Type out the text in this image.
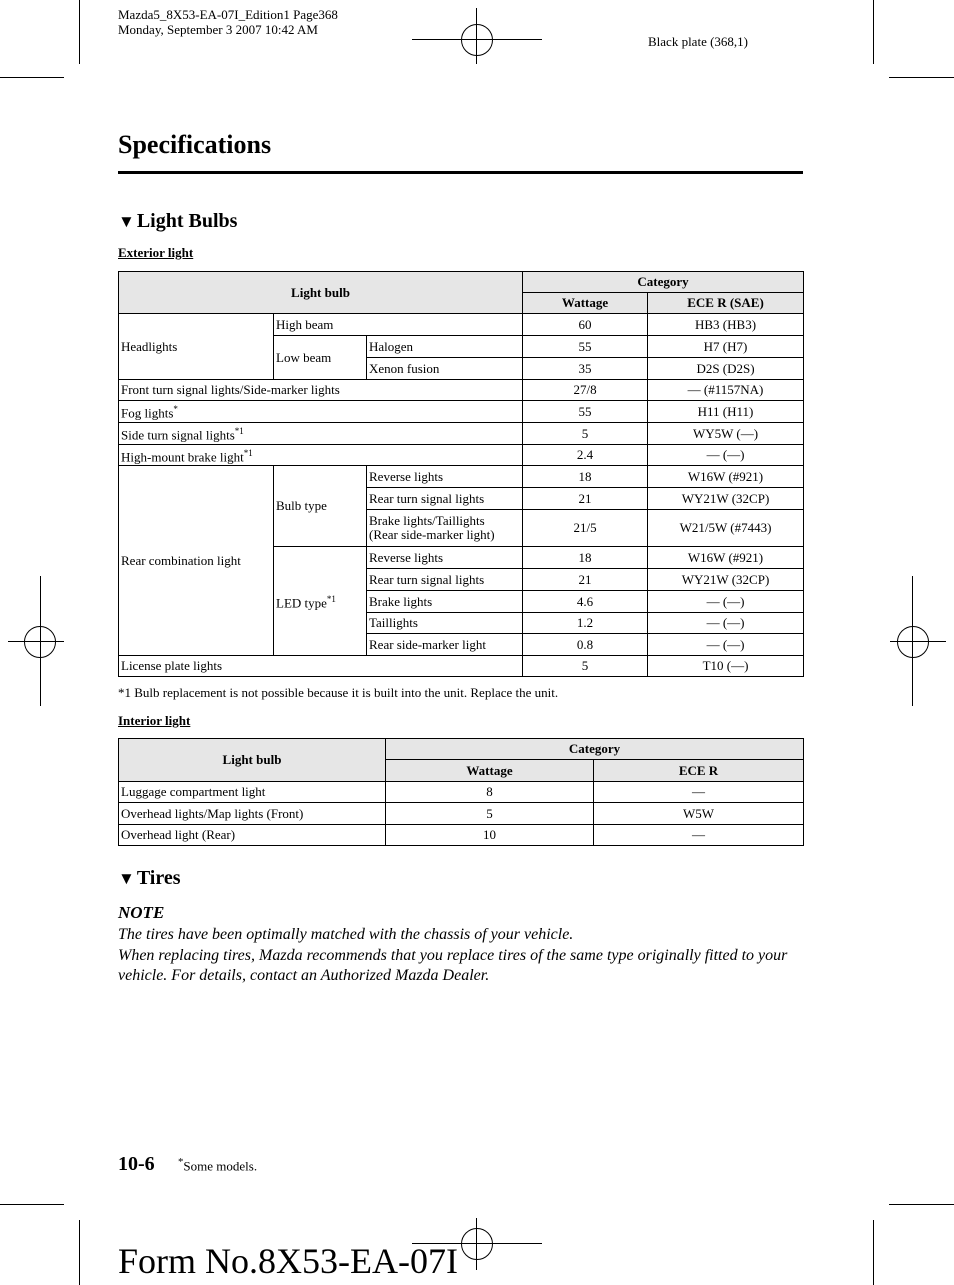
Mazda5_8X53-EA-07I_Edition1 Page368
Monday, September 3 2007 10:42 AM
Black plate (368,1)
Specifications
▼ Light Bulbs
Exterior light
Light bulb			Category	
			Wattage	ECE R (SAE)
Headlights	High beam		60	HB3 (HB3)
	Low beam	Halogen	55	H7 (H7)
		Xenon fusion	35	D2S (D2S)
Front turn signal lights/Side-marker lights			27/8	— (#1157NA)
Fog lights*			55	H11 (H11)
Side turn signal lights$^{*1}$			5	WY5W (—)
High-mount brake light$^{*1}$			2.4	— (—)
Rear combination light	Bulb type	Reverse lights	18	W16W (#921)
		Rear turn signal lights	21	WY21W (32CP)

		Brake lights/Taillights
(Rear side-marker light)	21/5	W21/5W (#7443)
	LED type$^{*1}$	Reverse lights	18	W16W (#921)
		Rear turn signal lights	21	WY21W (32CP)
		Brake lights	4.6	— (—)
		Taillights	1.2	— (—)
		Rear side-marker light	0.8	— (—)
License plate lights			5	T10 (—)
*1 Bulb replacement is not possible because it is built into the unit. Replace the unit.
Interior light
Light bulb	Category	
	Wattage	ECE R
Luggage compartment light	8	—
Overhead lights/Map lights (Front)	5	W5W
Overhead light (Rear)	10	—
▼ Tires
NOTE
The tires have been optimally matched with the chassis of your vehicle.
When replacing tires, Mazda recommends that you replace tires of the same type originally fitted to your vehicle. For details, contact an Authorized Mazda Dealer.
10-6 *Some models.
Form No.8X53-EA-07I
